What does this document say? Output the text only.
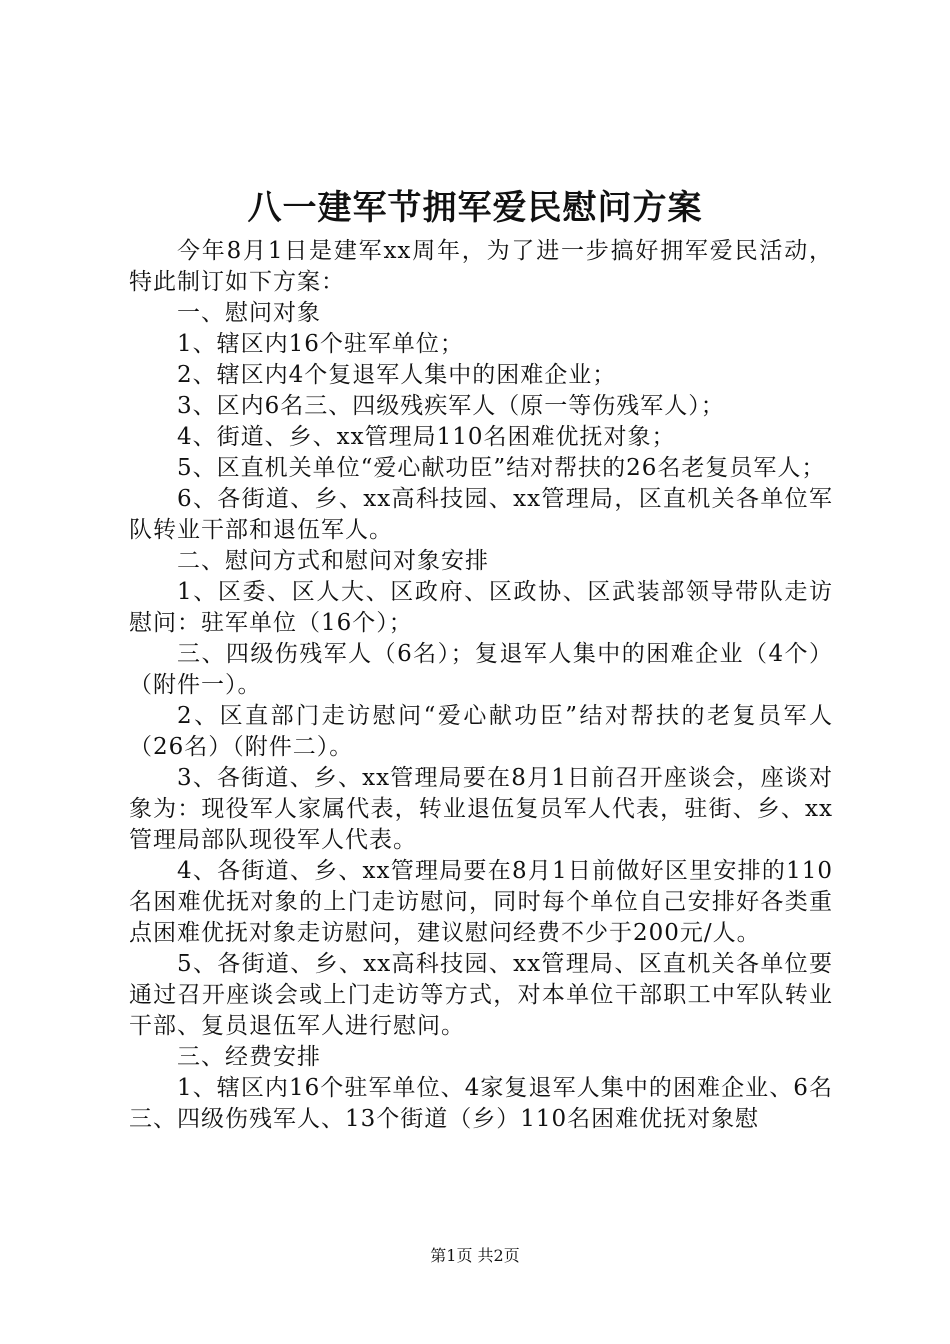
八一建军节拥军爱民慰问方案

今年8月1日是建军xx周年，为了进一步搞好拥军爱民活动，特此制订如下方案：

一、慰问对象

1、辖区内16个驻军单位；

2、辖区内4个复退军人集中的困难企业；

3、区内6名三、四级残疾军人（原一等伤残军人）；

4、街道、乡、xx管理局110名困难优抚对象；

5、区直机关单位“爱心献功臣”结对帮扶的26名老复员军人；

6、各街道、乡、xx高科技园、xx管理局，区直机关各单位军队转业干部和退伍军人。

二、慰问方式和慰问对象安排

1、区委、区人大、区政府、区政协、区武装部领导带队走访慰问：驻军单位（16个）；

三、四级伤残军人（6名）；复退军人集中的困难企业（4个）（附件一）。

2、区直部门走访慰问“爱心献功臣”结对帮扶的老复员军人（26名）（附件二）。

3、各街道、乡、xx管理局要在8月1日前召开座谈会，座谈对象为：现役军人家属代表，转业退伍复员军人代表，驻街、乡、xx管理局部队现役军人代表。

4、各街道、乡、xx管理局要在8月1日前做好区里安排的110名困难优抚对象的上门走访慰问，同时每个单位自己安排好各类重点困难优抚对象走访慰问，建议慰问经费不少于200元/人。

5、各街道、乡、xx高科技园、xx管理局、区直机关各单位要通过召开座谈会或上门走访等方式，对本单位干部职工中军队转业干部、复员退伍军人进行慰问。

三、经费安排

1、辖区内16个驻军单位、4家复退军人集中的困难企业、6名三、四级伤残军人、13个街道（乡）110名困难优抚对象慰

第1页 共2页
